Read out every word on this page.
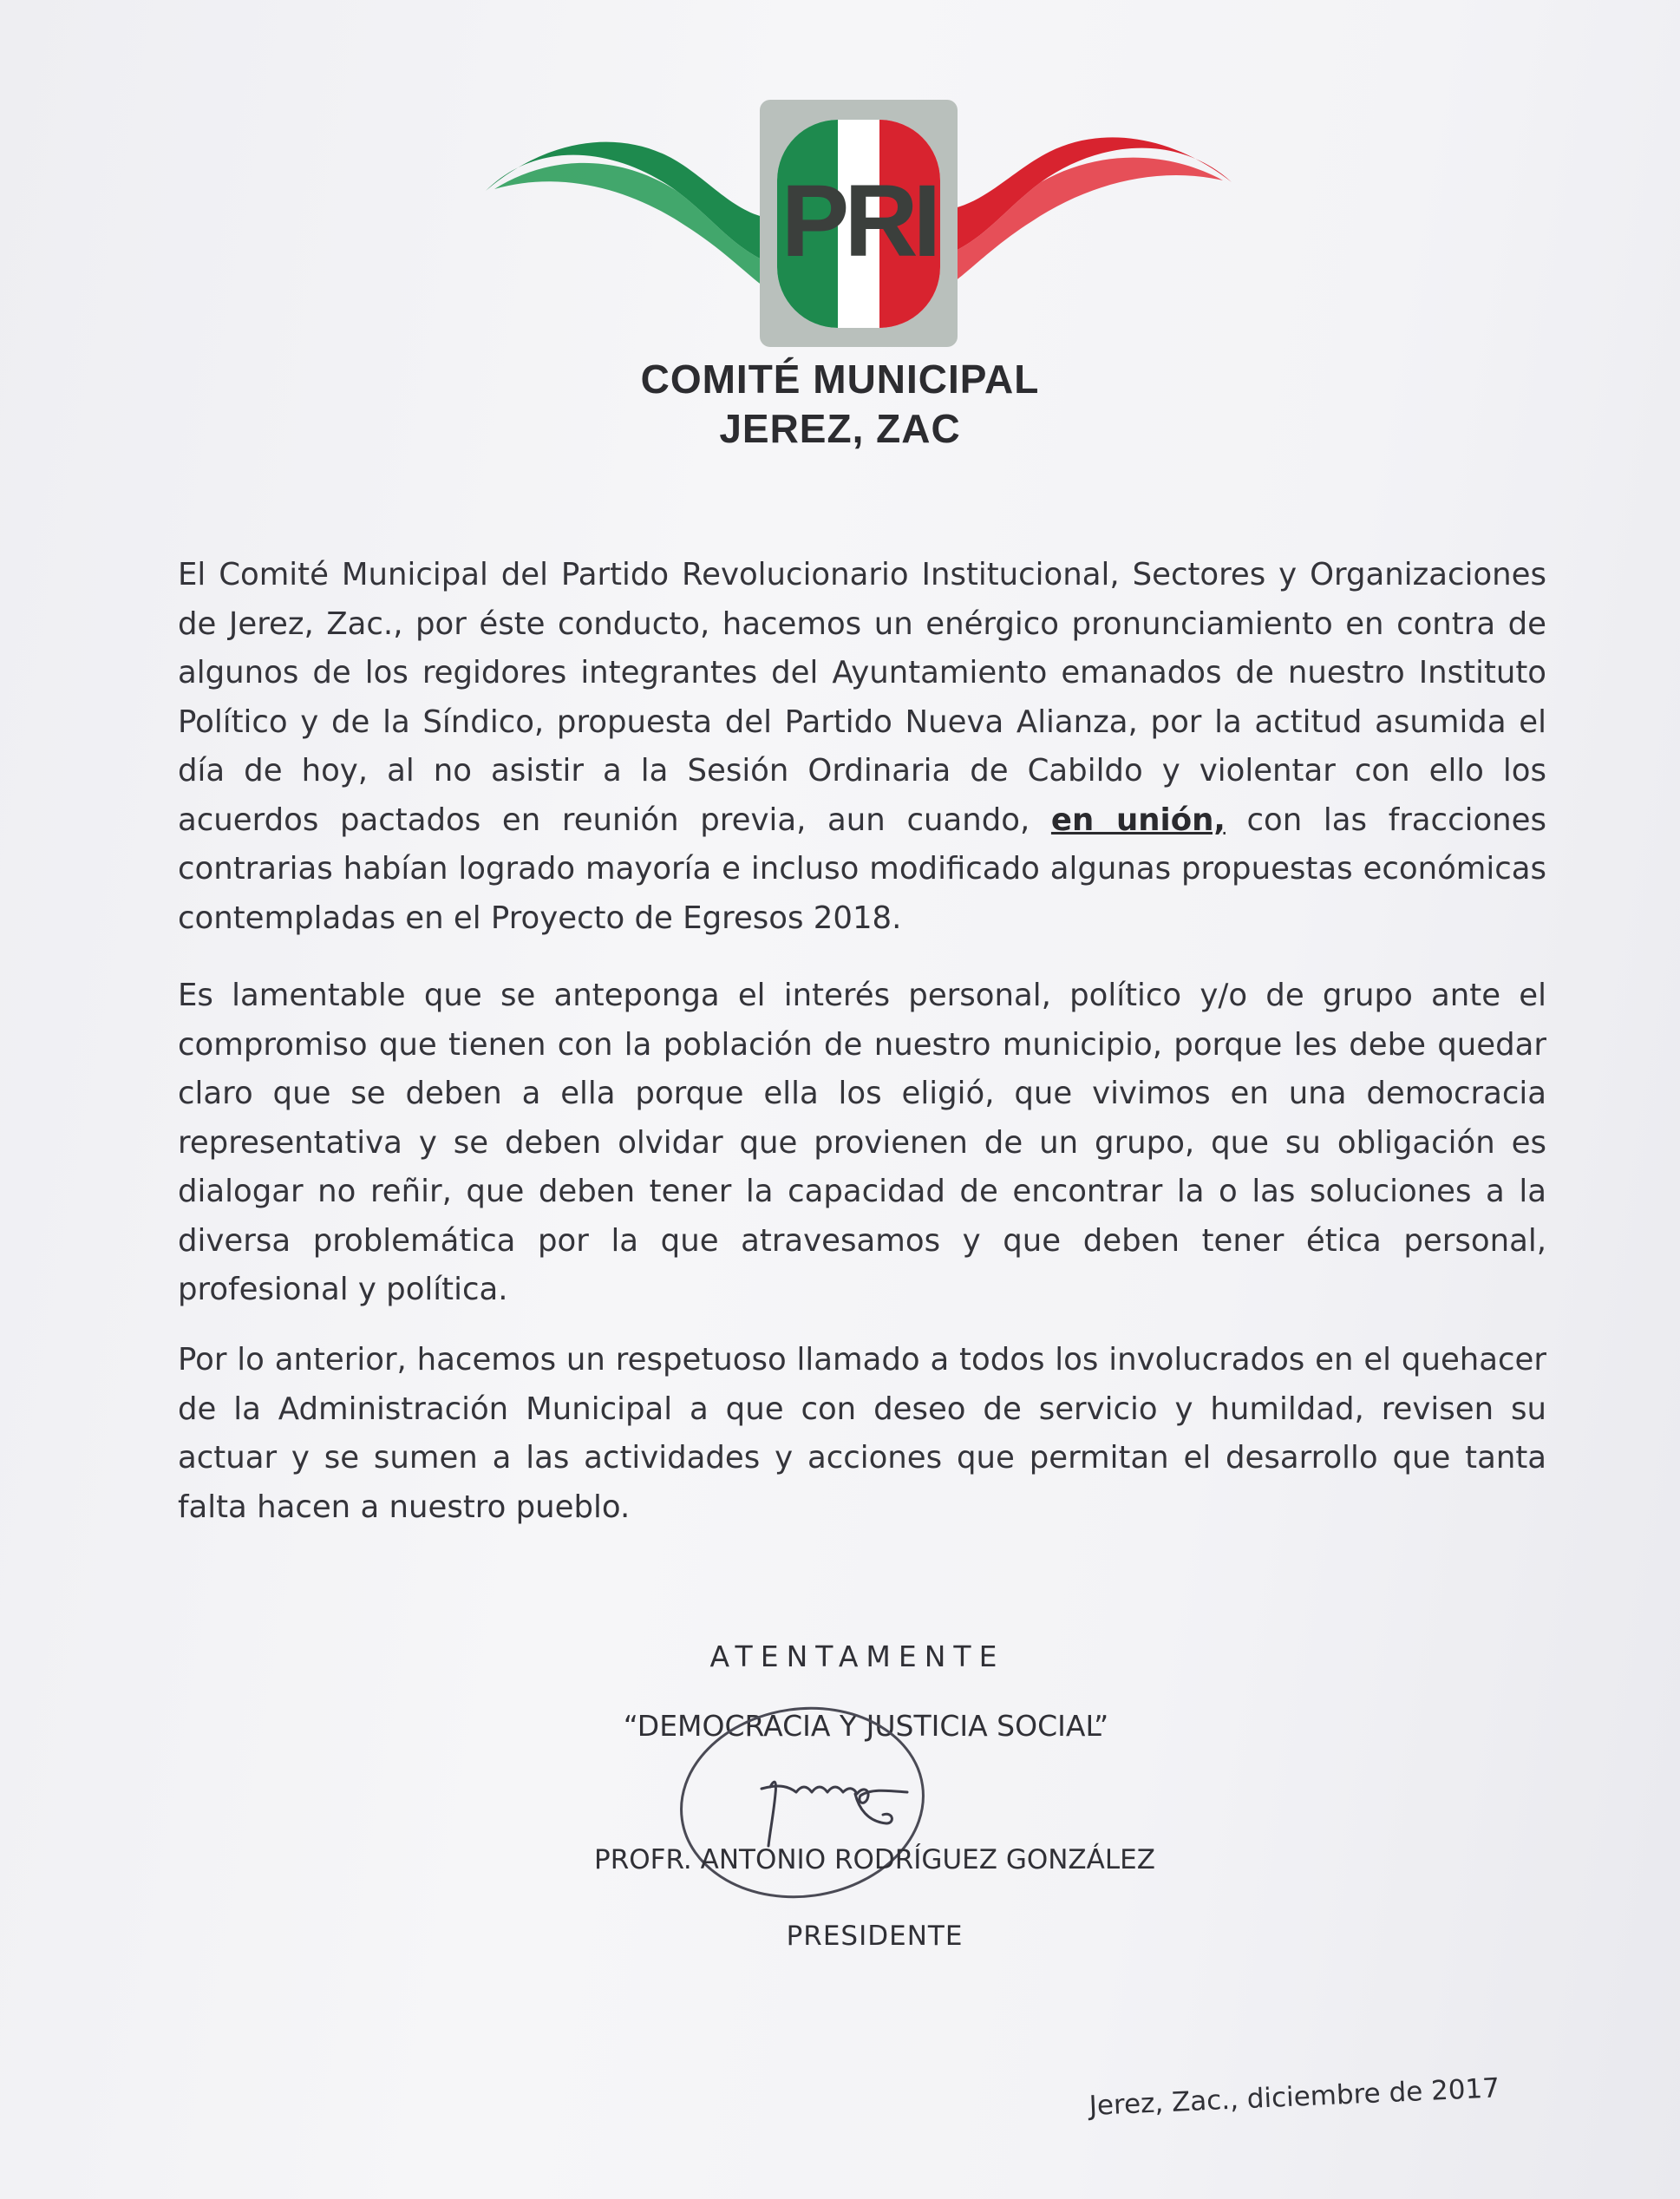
PRI
COMITÉ MUNICIPAL
JEREZ, ZAC

El Comité Municipal del Partido Revolucionario Institucional, Sectores y Organizaciones de Jerez, Zac., por éste conducto, hacemos un enérgico pronunciamiento en contra de algunos de los regidores integrantes del Ayuntamiento emanados de nuestro Instituto Político y de la Síndico, propuesta del Partido Nueva Alianza, por la actitud asumida el día de hoy, al no asistir a la Sesión Ordinaria de Cabildo y violentar con ello los acuerdos pactados en reunión previa, aun cuando, en unión, con las fracciones contrarias habían logrado mayoría e incluso modificado algunas propuestas económicas contempladas en el Proyecto de Egresos 2018.

Es lamentable que se anteponga el interés personal, político y/o de grupo ante el compromiso que tienen con la población de nuestro municipio, porque les debe quedar claro que se deben a ella porque ella los eligió, que vivimos en una democracia representativa y se deben olvidar que provienen de un grupo, que su obligación es dialogar no reñir, que deben tener la capacidad de encontrar la o las soluciones a la diversa problemática por la que atravesamos y que deben tener ética personal, profesional y política.

Por lo anterior, hacemos un respetuoso llamado a todos los involucrados en el quehacer de la Administración Municipal a que con deseo de servicio y humildad, revisen su actuar y se sumen a las actividades y acciones que permitan el desarrollo que tanta falta hacen a nuestro pueblo.

ATENTAMENTE

“DEMOCRACIA Y JUSTICIA SOCIAL”

PROFR. ANTONIO RODRÍGUEZ GONZÁLEZ

PRESIDENTE

Jerez, Zac., diciembre de 2017
